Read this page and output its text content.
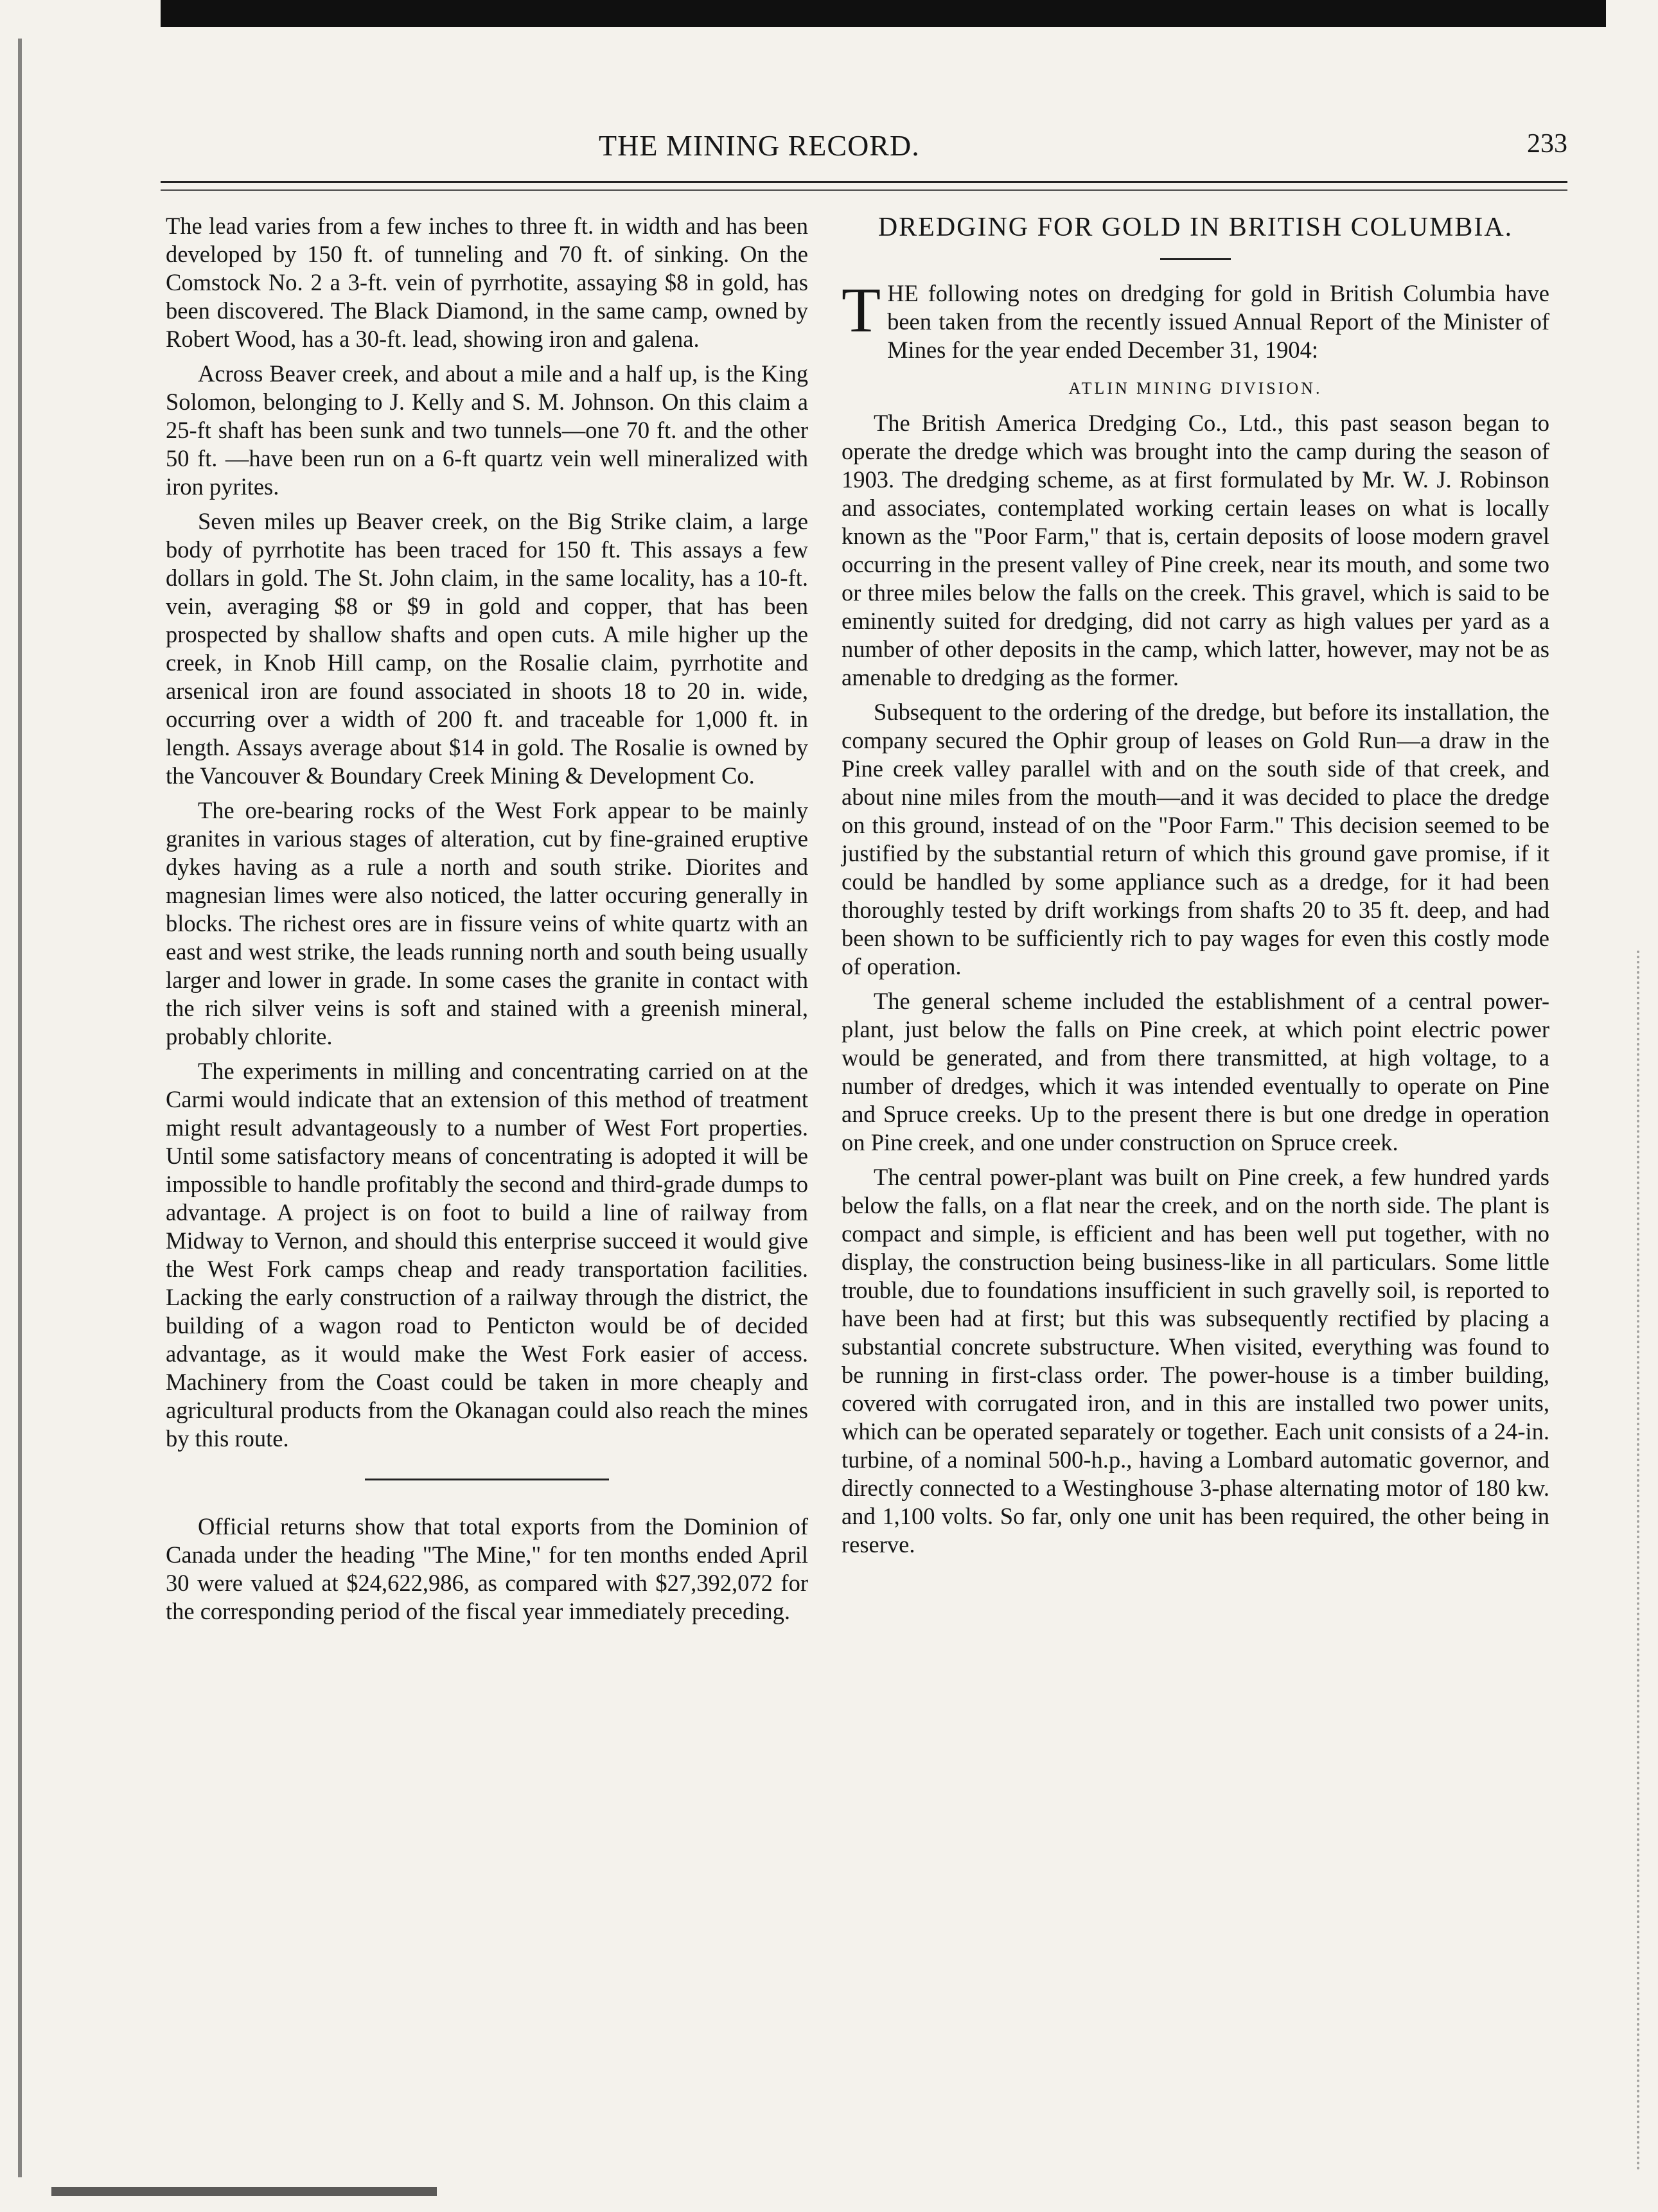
THE MINING RECORD.	233

The lead varies from a few inches to three ft. in width and has been developed by 150 ft. of tunneling and 70 ft. of sinking. On the Comstock No. 2 a 3-ft. vein of pyrrhotite, assaying $8 in gold, has been discovered. The Black Diamond, in the same camp, owned by Robert Wood, has a 30-ft. lead, showing iron and galena.

Across Beaver creek, and about a mile and a half up, is the King Solomon, belonging to J. Kelly and S. M. Johnson. On this claim a 25-ft shaft has been sunk and two tunnels—one 70 ft. and the other 50 ft. —have been run on a 6-ft quartz vein well mineralized with iron pyrites.

Seven miles up Beaver creek, on the Big Strike claim, a large body of pyrrhotite has been traced for 150 ft. This assays a few dollars in gold. The St. John claim, in the same locality, has a 10-ft. vein, averaging $8 or $9 in gold and copper, that has been prospected by shallow shafts and open cuts. A mile higher up the creek, in Knob Hill camp, on the Rosalie claim, pyrrhotite and arsenical iron are found associated in shoots 18 to 20 in. wide, occurring over a width of 200 ft. and traceable for 1,000 ft. in length. Assays average about $14 in gold. The Rosalie is owned by the Vancouver & Boundary Creek Mining & Development Co.

The ore-bearing rocks of the West Fork appear to be mainly granites in various stages of alteration, cut by fine-grained eruptive dykes having as a rule a north and south strike. Diorites and magnesian limes were also noticed, the latter occuring generally in blocks. The richest ores are in fissure veins of white quartz with an east and west strike, the leads running north and south being usually larger and lower in grade. In some cases the granite in contact with the rich silver veins is soft and stained with a greenish mineral, probably chlorite.

The experiments in milling and concentrating carried on at the Carmi would indicate that an extension of this method of treatment might result advantageously to a number of West Fort properties. Until some satisfactory means of concentrating is adopted it will be impossible to handle profitably the second and third-grade dumps to advantage. A project is on foot to build a line of railway from Midway to Vernon, and should this enterprise succeed it would give the West Fork camps cheap and ready transportation facilities. Lacking the early construction of a railway through the district, the building of a wagon road to Penticton would be of decided advantage, as it would make the West Fork easier of access. Machinery from the Coast could be taken in more cheaply and agricultural products from the Okanagan could also reach the mines by this route.

Official returns show that total exports from the Dominion of Canada under the heading "The Mine," for ten months ended April 30 were valued at $24,622,986, as compared with $27,392,072 for the corresponding period of the fiscal year immediately preceding.

DREDGING FOR GOLD IN BRITISH COLUMBIA.

THE following notes on dredging for gold in British Columbia have been taken from the recently issued Annual Report of the Minister of Mines for the year ended December 31, 1904:

ATLIN MINING DIVISION.

The British America Dredging Co., Ltd., this past season began to operate the dredge which was brought into the camp during the season of 1903. The dredging scheme, as at first formulated by Mr. W. J. Robinson and associates, contemplated working certain leases on what is locally known as the "Poor Farm," that is, certain deposits of loose modern gravel occurring in the present valley of Pine creek, near its mouth, and some two or three miles below the falls on the creek. This gravel, which is said to be eminently suited for dredging, did not carry as high values per yard as a number of other deposits in the camp, which latter, however, may not be as amenable to dredging as the former.

Subsequent to the ordering of the dredge, but before its installation, the company secured the Ophir group of leases on Gold Run—a draw in the Pine creek valley parallel with and on the south side of that creek, and about nine miles from the mouth—and it was decided to place the dredge on this ground, instead of on the "Poor Farm." This decision seemed to be justified by the substantial return of which this ground gave promise, if it could be handled by some appliance such as a dredge, for it had been thoroughly tested by drift workings from shafts 20 to 35 ft. deep, and had been shown to be sufficiently rich to pay wages for even this costly mode of operation.

The general scheme included the establishment of a central power-plant, just below the falls on Pine creek, at which point electric power would be generated, and from there transmitted, at high voltage, to a number of dredges, which it was intended eventually to operate on Pine and Spruce creeks. Up to the present there is but one dredge in operation on Pine creek, and one under construction on Spruce creek.

The central power-plant was built on Pine creek, a few hundred yards below the falls, on a flat near the creek, and on the north side. The plant is compact and simple, is efficient and has been well put together, with no display, the construction being business-like in all particulars. Some little trouble, due to foundations insufficient in such gravelly soil, is reported to have been had at first; but this was subsequently rectified by placing a substantial concrete substructure. When visited, everything was found to be running in first-class order. The power-house is a timber building, covered with corrugated iron, and in this are installed two power units, which can be operated separately or together. Each unit consists of a 24-in. turbine, of a nominal 500-h.p., having a Lombard automatic governor, and directly connected to a Westinghouse 3-phase alternating motor of 180 kw. and 1,100 volts. So far, only one unit has been required, the other being in reserve.
